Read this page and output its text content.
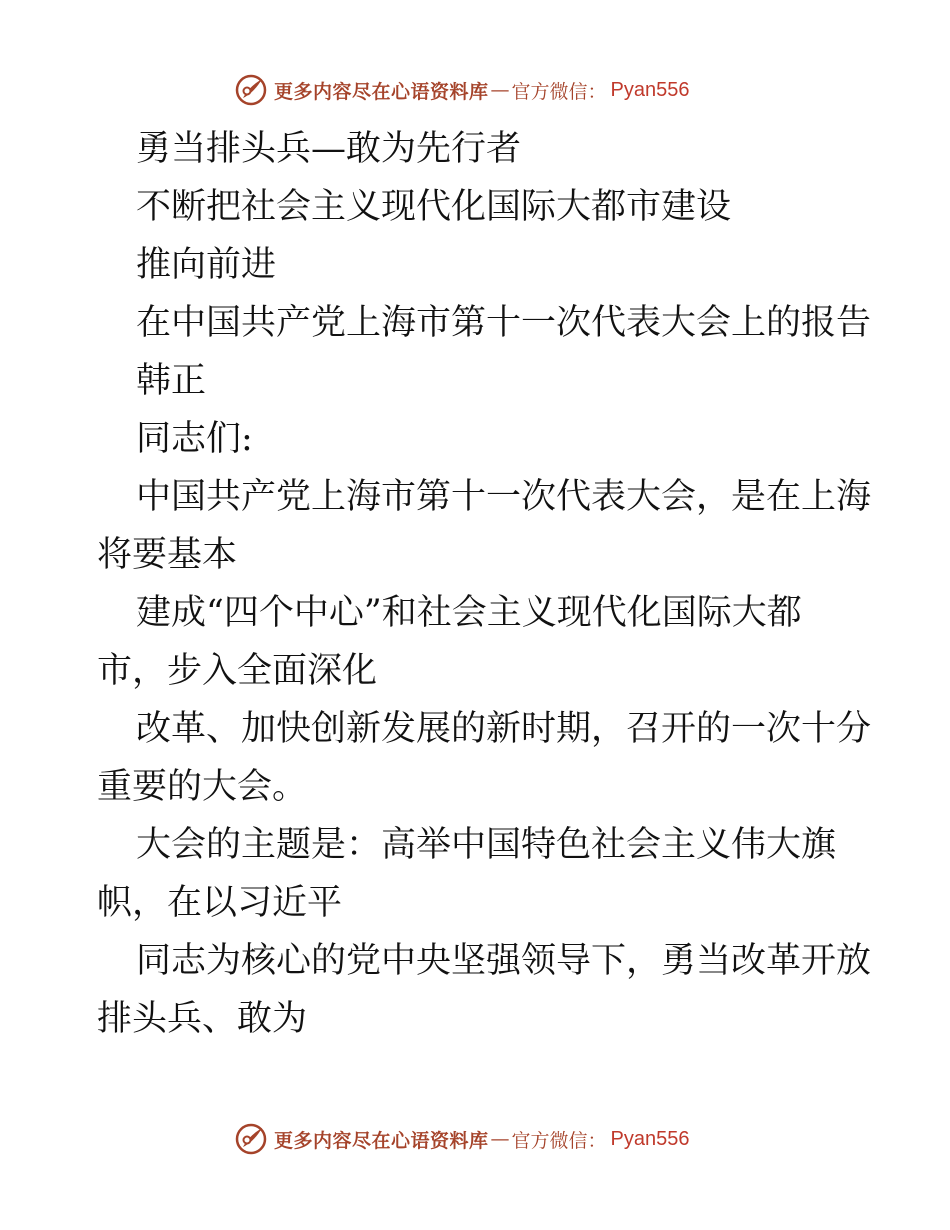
更多内容尽在心语资料库 — 官方微信： Pyan556
勇当排头兵—敢为先行者
不断把社会主义现代化国际大都市建设
推向前进
在中国共产党上海市第十一次代表大会上的报告
韩正
同志们:
中国共产党上海市第十一次代表大会，是在上海
将要基本
建成“四个中心”和社会主义现代化国际大都
市，步入全面深化
改革、加快创新发展的新时期，召开的一次十分
重要的大会。
大会的主题是：高举中国特色社会主义伟大旗
帜，在以习近平
同志为核心的党中央坚强领导下，勇当改革开放
排头兵、敢为
更多内容尽在心语资料库 — 官方微信： Pyan556
